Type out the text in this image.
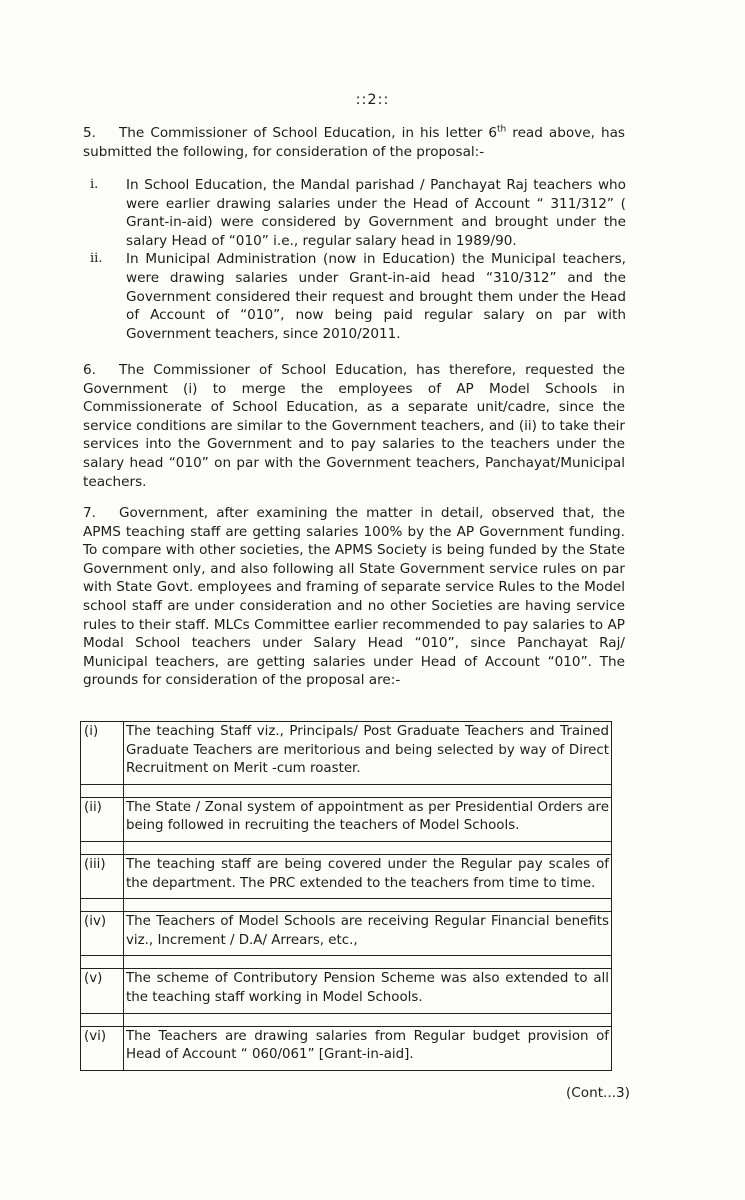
::2::

5. The Commissioner of School Education, in his letter 6th read above, has submitted the following, for consideration of the proposal:-

i. In School Education, the Mandal parishad / Panchayat Raj teachers who were earlier drawing salaries under the Head of Account “ 311/312” ( Grant-in-aid) were considered by Government and brought under the salary Head of “010” i.e., regular salary head in 1989/90.
ii. In Municipal Administration (now in Education) the Municipal teachers, were drawing salaries under Grant-in-aid head “310/312” and the Government considered their request and brought them under the Head of Account of “010”, now being paid regular salary on par with Government teachers, since 2010/2011.

6. The Commissioner of School Education, has therefore, requested the Government (i) to merge the employees of AP Model Schools in Commissionerate of School Education, as a separate unit/cadre, since the service conditions are similar to the Government teachers, and (ii) to take their services into the Government and to pay salaries to the teachers under the salary head “010” on par with the Government teachers, Panchayat/Municipal teachers.

7. Government, after examining the matter in detail, observed that, the APMS teaching staff are getting salaries 100% by the AP Government funding. To compare with other societies, the APMS Society is being funded by the State Government only, and also following all State Government service rules on par with State Govt. employees and framing of separate service Rules to the Model school staff are under consideration and no other Societies are having service rules to their staff. MLCs Committee earlier recommended to pay salaries to AP Modal School teachers under Salary Head “010”, since Panchayat Raj/ Municipal teachers, are getting salaries under Head of Account “010”. The grounds for consideration of the proposal are:-

(i)	The teaching Staff viz., Principals/ Post Graduate Teachers and Trained Graduate Teachers are meritorious and being selected by way of Direct Recruitment on Merit -cum roaster.

(ii)	The State / Zonal system of appointment as per Presidential Orders are being followed in recruiting the teachers of Model Schools.

(iii)	The teaching staff are being covered under the Regular pay scales of the department. The PRC extended to the teachers from time to time.

(iv)	The Teachers of Model Schools are receiving Regular Financial benefits viz., Increment / D.A/ Arrears, etc.,

(v)	The scheme of Contributory Pension Scheme was also extended to all the teaching staff working in Model Schools.

(vi)	The Teachers are drawing salaries from Regular budget provision of Head of Account “ 060/061” [Grant-in-aid].
(Cont...3)
